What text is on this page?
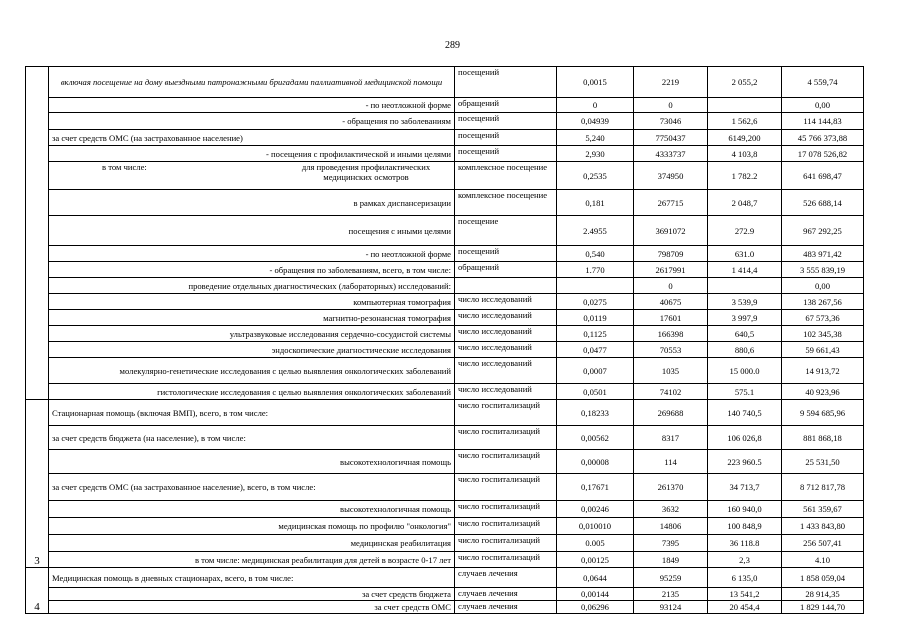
289
	включая посещение на дому выездными патронажными бригадами паллиативной медицинской помощи	посещений	0,0015	2219	2 055,2	4 559,74
	- по неотложной форме	обращений	0	0		0,00
	- обращения по заболеваниям	посещений	0,04939	73046	1 562,6	114 144,83
	за счет средств ОМС (на застрахованное население)	посещений	5,240	7750437	6149,200	45 766 373,88
	- посещения с профилактической и иными целями	посещений	2,930	4333737	4 103,8	17 078 526,82

	в том числе: для проведения профилактических медицинских осмотров	комплексное посещение	0,2535	374950	1 782.2	641 698,47
	в рамках диспансеризации	комплексное посещение	0,181	267715	2 048,7	526 688,14
	посещения с иными целями	посещение	2.4955	3691072	272.9	967 292,25
	- по неотложной форме	посещений	0,540	798709	631.0	483 971,42
	- обращения по заболеваниям, всего, в том числе:	обращений	1.770	2617991	1 414,4	3 555 839,19
	проведение отдельных диагностических (лабораторных) исследований:			0		0,00
	компьютерная томография	число исследований	0,0275	40675	3 539,9	138 267,56
	магнитно-резонансная томография	число исследований	0,0119	17601	3 997,9	67 573,36
	ультразвуковые исследования сердечно-сосудистой системы	число исследований	0,1125	166398	640,5	102 345,38
	эндоскопические диагностические исследования	число исследований	0,0477	70553	880,6	59 661,43
	молекулярно-генетические исследования с целью выявления онкологических заболеваний	число исследований	0,0007	1035	15 000.0	14 913,72
	гистологические исследования с целью выявления онкологических заболеваний	число исследований	0,0501	74102	575.1	40 923,96
3	Стационарная помощь (включая ВМП), всего, в том числе:	число госпитализаций	0,18233	269688	140 740,5	9 594 685,96
	за счет средств бюджета (на население), в том числе:	число госпитализаций	0,00562	8317	106 026,8	881 868,18
	высокотехнологичная помощь	число госпитализаций	0,00008	114	223 960.5	25 531,50
	за счет средств ОМС (на застрахованное население), всего, в том числе:	число госпитализаций	0,17671	261370	34 713,7	8 712 817,78
	высокотехнологичная помощь	число госпитализаций	0,00246	3632	160 940,0	561 359,67
	медицинская помощь по профилю "онкология"	число госпитализаций	0,010010	14806	100 848,9	1 433 843,80
	медицинская реабилитация	число госпитализаций	0.005	7395	36 118.8	256 507,41
	в том числе: медицинская реабилитация для детей в возрасте 0-17 лет	число госпитализаций	0,00125	1849	2,3	4.10
4	Медицинская помощь в дневных стационарах, всего, в том числе:	случаев лечения	0,0644	95259	6 135,0	1 858 059,04
	за счет средств бюджета	случаев лечения	0,00144	2135	13 541,2	28 914,35
	за счет средств ОМС	случаев лечения	0,06296	93124	20 454,4	1 829 144,70
